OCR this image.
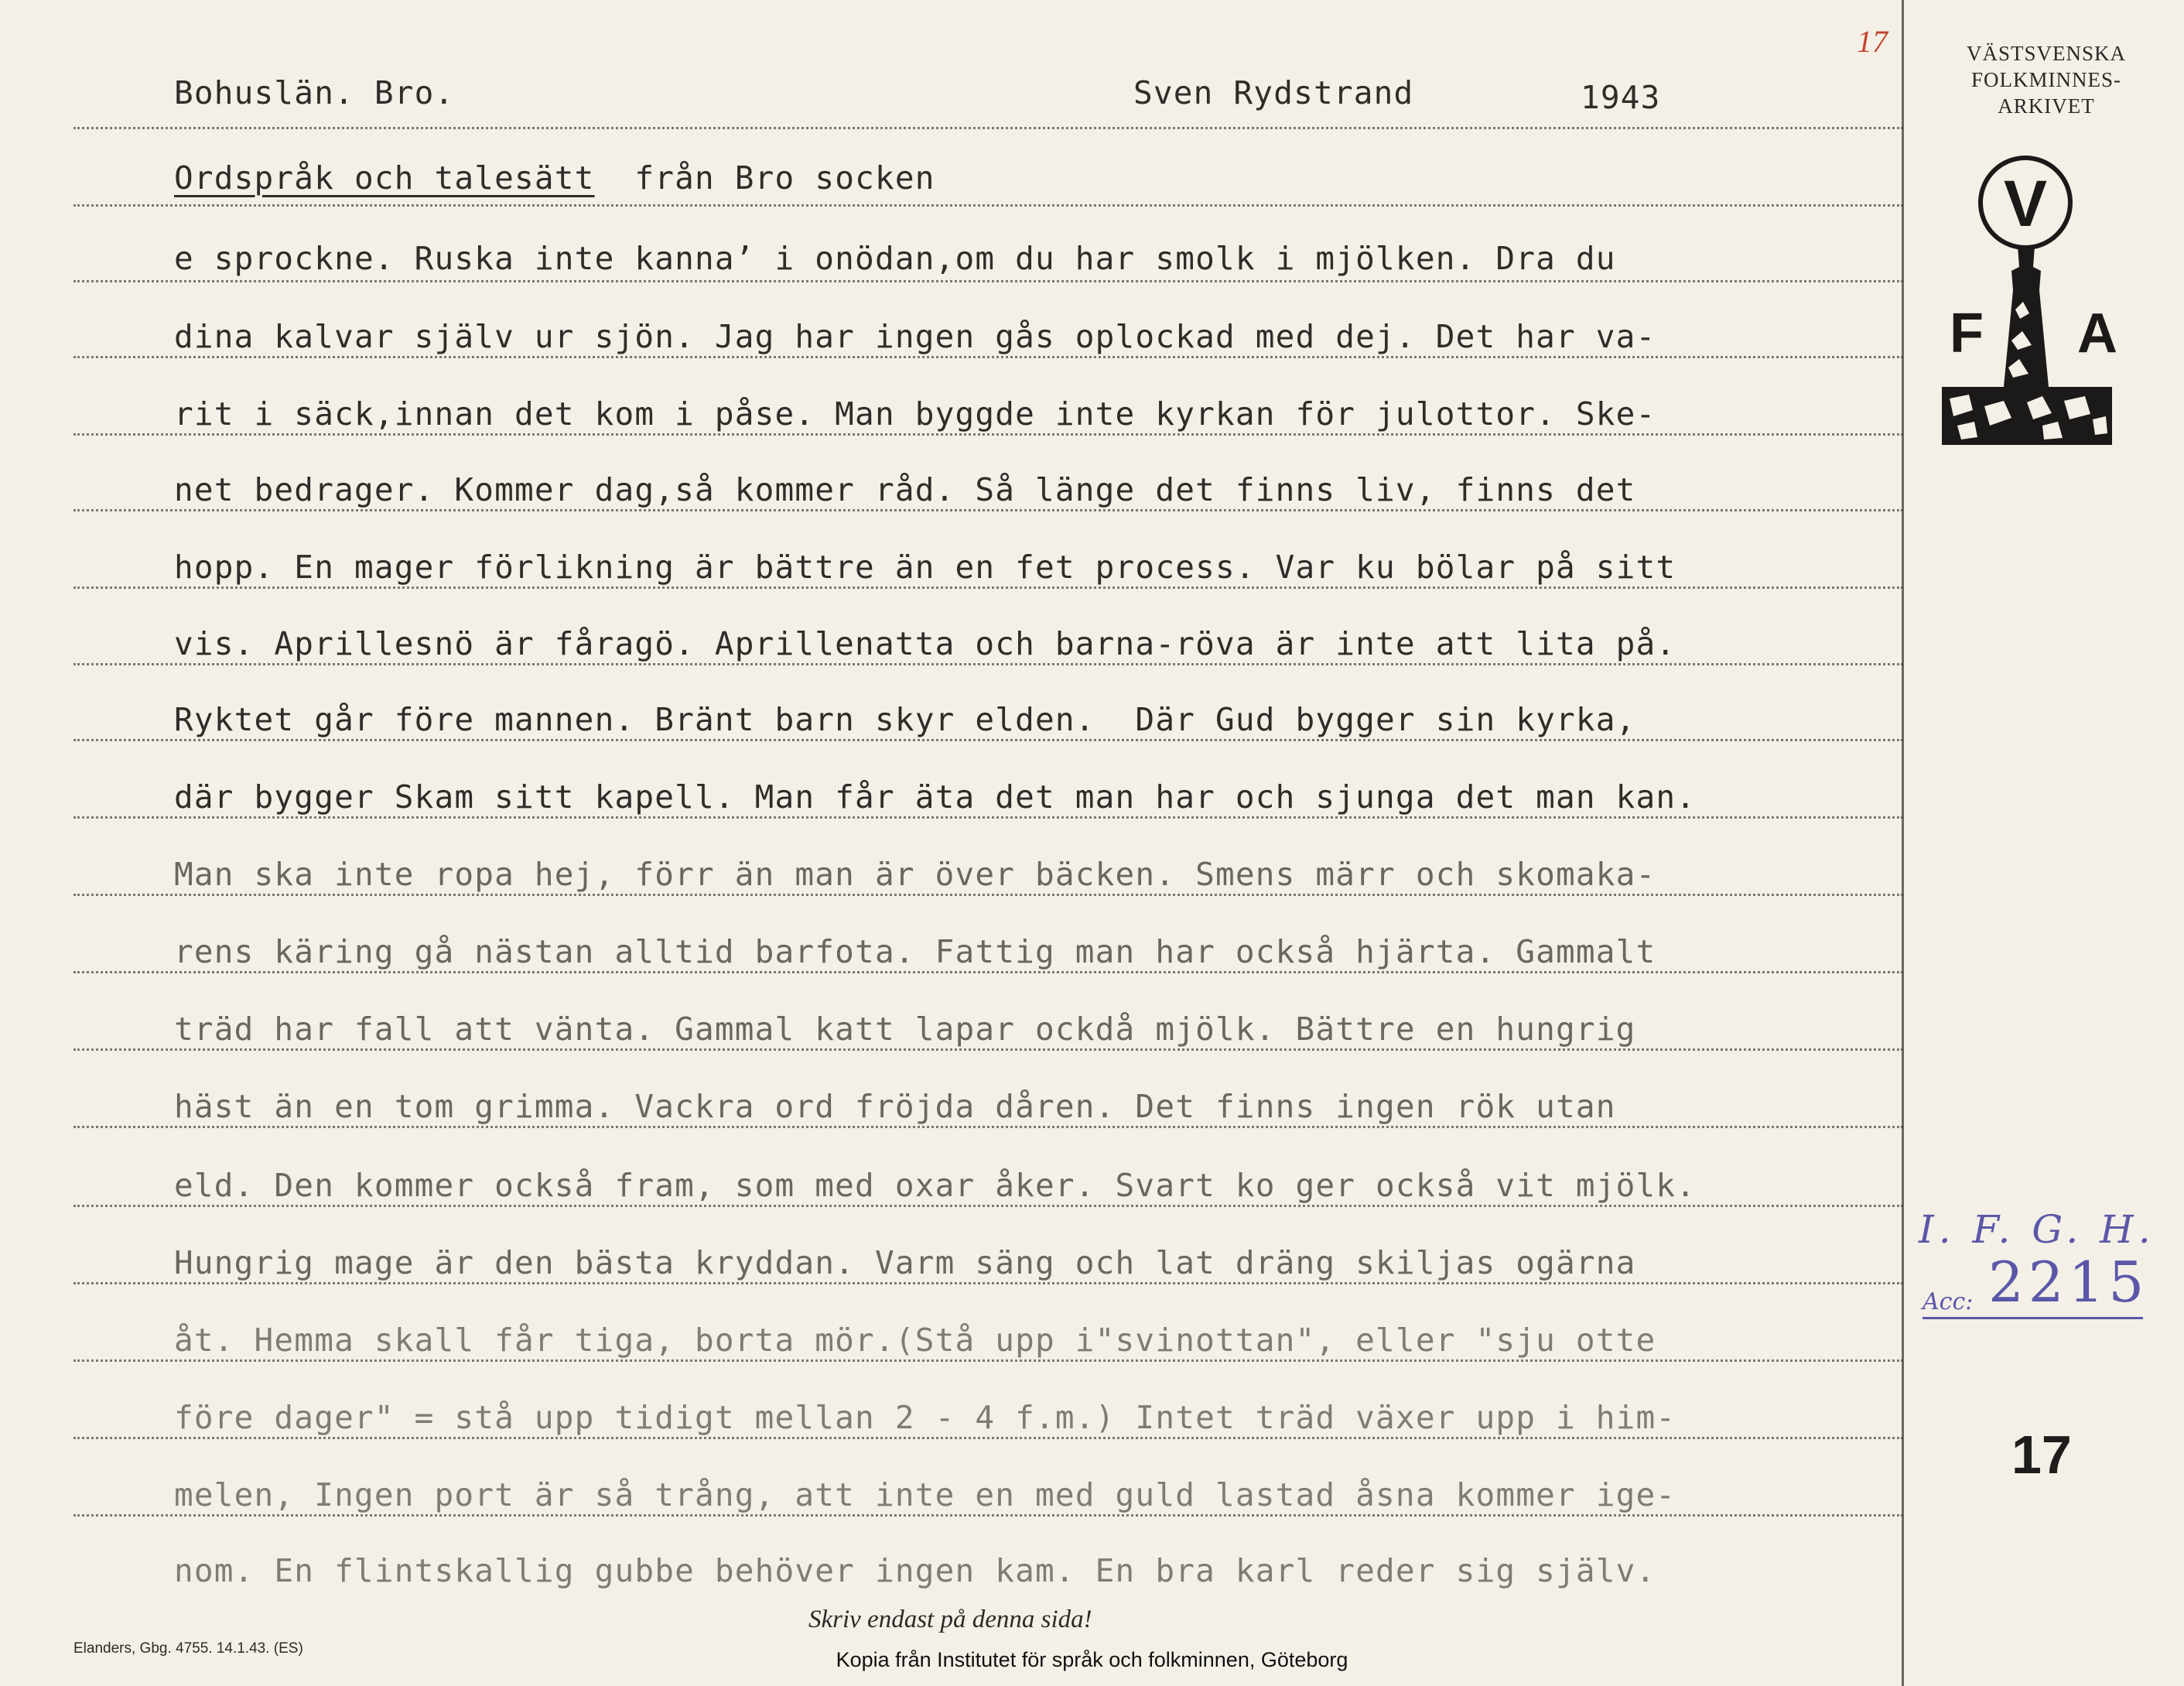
Bohuslän. Bro.	Sven Rydstrand	1943
Ordspråk och talesätt från Bro socken
e sprockne. Ruska inte kanna’ i onödan,om du har smolk i mjölken. Dra du
dina kalvar själv ur sjön. Jag har ingen gås oplockad med dej. Det har va-
rit i säck,innan det kom i påse. Man byggde inte kyrkan för julottor. Ske-
net bedrager. Kommer dag,så kommer råd. Så länge det finns liv, finns det
hopp. En mager förlikning är bättre än en fet process. Var ku bölar på sitt
vis. Aprillesnö är fåragö. Aprillenatta och barna-röva är inte att lita på.
Ryktet går före mannen. Bränt barn skyr elden.  Där Gud bygger sin kyrka,
där bygger Skam sitt kapell. Man får äta det man har och sjunga det man kan.
Man ska inte ropa hej, förr än man är över bäcken. Smens märr och skomaka-
rens käring gå nästan alltid barfota. Fattig man har också hjärta. Gammalt
träd har fall att vänta. Gammal katt lapar ockdå mjölk. Bättre en hungrig
häst än en tom grimma. Vackra ord fröjda dåren. Det finns ingen rök utan
eld. Den kommer också fram, som med oxar åker. Svart ko ger också vit mjölk.
Hungrig mage är den bästa kryddan. Varm säng och lat dräng skiljas ogärna
åt. Hemma skall får tiga, borta mör.(Stå upp i"svinottan", eller "sju otte
före dager" = stå upp tidigt mellan 2 - 4 f.m.) Intet träd växer upp i him-
melen, Ingen port är så trång, att inte en med guld lastad åsna kommer ige-
nom. En flintskallig gubbe behöver ingen kam. En bra karl reder sig själv.
17	VÄSTSVENSKA
FOLKMINNES-
ARKIVET
V
F A
I. F. G. H.
Acc: 2215
17
Skriv endast på denna sida!
Elanders, Gbg. 4755. 14.1.43. (ES)	Kopia från Institutet för språk och folkminnen, Göteborg
